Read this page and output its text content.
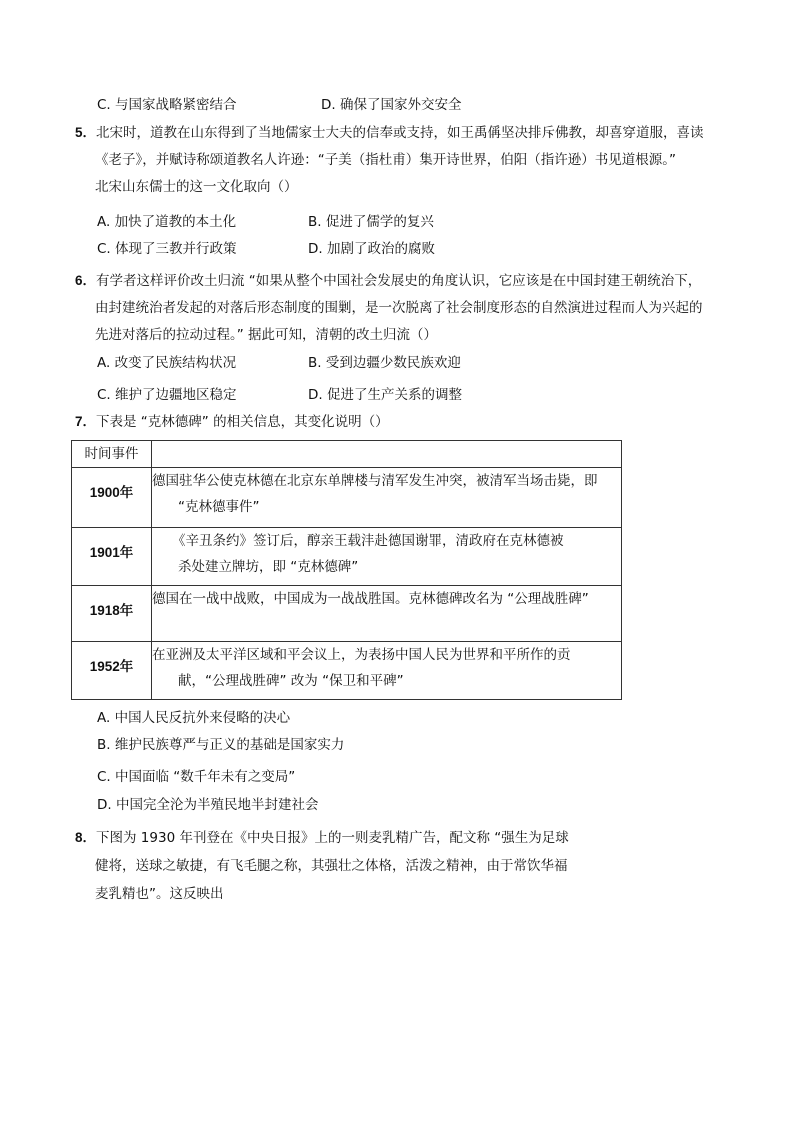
C. 与国家战略紧密结合	D. 确保了国家外交安全
5．北宋时，道教在山东得到了当地儒家士大夫的信奉或支持，如王禹偁坚决排斥佛教，却喜穿道服，喜读
《老子》，并赋诗称颂道教名人许逊：“子美（指杜甫）集开诗世界，伯阳（指许逊）书见道根源。”
北宋山东儒士的这一文化取向（）
A. 加快了道教的本土化	B. 促进了儒学的复兴
C. 体现了三教并行政策	D. 加剧了政治的腐败
6．有学者这样评价改土归流 “如果从整个中国社会发展史的角度认识，它应该是在中国封建王朝统治下，
由封建统治者发起的对落后形态制度的围剿，是一次脱离了社会制度形态的自然演进过程而人为兴起的
先进对落后的拉动过程。” 据此可知，清朝的改土归流（）
A. 改变了民族结构状况	B. 受到边疆少数民族欢迎
C. 维护了边疆地区稳定	D. 促进了生产关系的调整
7．下表是 “克林德碑” 的相关信息，其变化说明（）
时间事件	

1900年	德国驻华公使克林德在北京东单牌楼与清军发生冲突，被清军当场击毙，即
“克林德事件”

1901年	《辛丑条约》签订后，醇亲王载沣赴德国谢罪，清政府在克林德被
杀处建立牌坊，即 “克林德碑”

1918年	德国在一战中战败，中国成为一战战胜国。克林德碑改名为 “公理战胜碑”

1952年	在亚洲及太平洋区域和平会议上，为表扬中国人民为世界和平所作的贡
献，“公理战胜碑” 改为 “保卫和平碑”
A. 中国人民反抗外来侵略的决心
B. 维护民族尊严与正义的基础是国家实力
C. 中国面临 “数千年未有之变局”
D. 中国完全沦为半殖民地半封建社会
8．下图为 1930 年刊登在《中央日报》上的一则麦乳精广告，配文称 “强生为足球
健将，送球之敏捷，有飞毛腿之称，其强壮之体格，活泼之精神，由于常饮华福
麦乳精也”。这反映出
